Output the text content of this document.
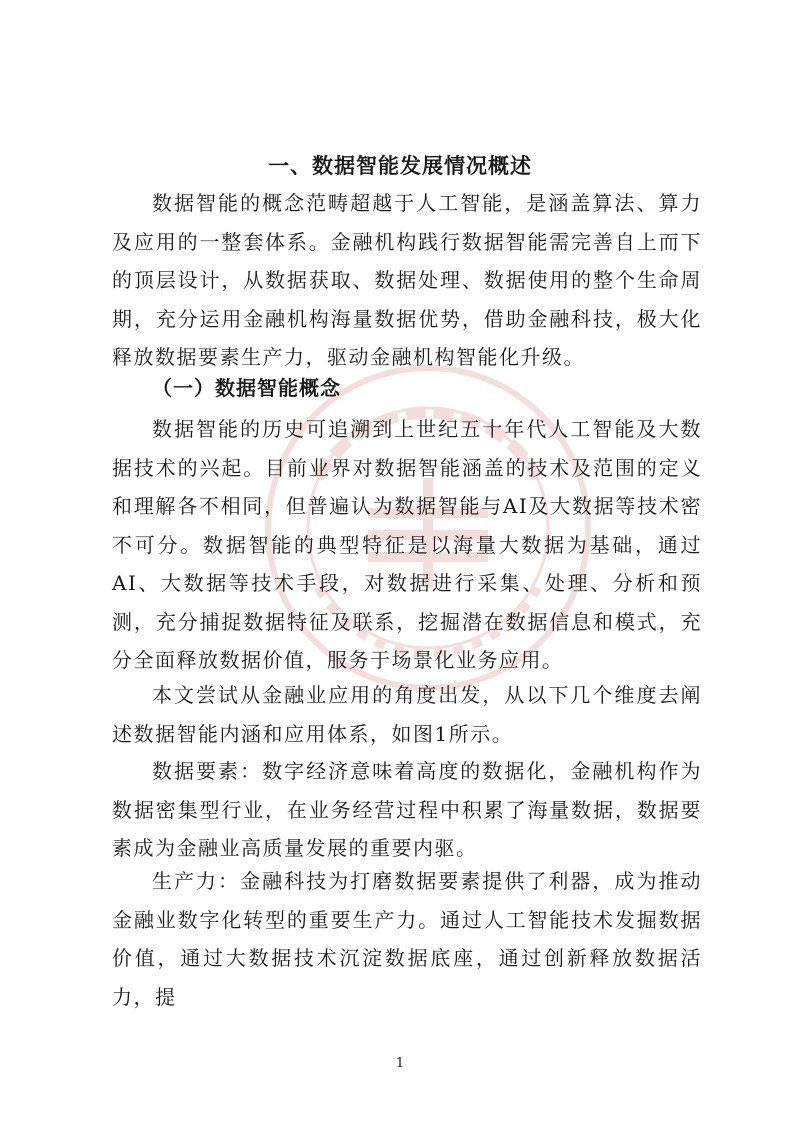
一、数据智能发展情况概述

数据智能的概念范畴超越于人工智能，是涵盖算法、算力及应用的一整套体系。金融机构践行数据智能需完善自上而下的顶层设计，从数据获取、数据处理、数据使用的整个生命周期，充分运用金融机构海量数据优势，借助金融科技，极大化释放数据要素生产力，驱动金融机构智能化升级。

（一）数据智能概念

数据智能的历史可追溯到上世纪五十年代人工智能及大数据技术的兴起。目前业界对数据智能涵盖的技术及范围的定义和理解各不相同，但普遍认为数据智能与AI及大数据等技术密不可分。数据智能的典型特征是以海量大数据为基础，通过AI、大数据等技术手段，对数据进行采集、处理、分析和预测，充分捕捉数据特征及联系，挖掘潜在数据信息和模式，充分全面释放数据价值，服务于场景化业务应用。

本文尝试从金融业应用的角度出发，从以下几个维度去阐述数据智能内涵和应用体系，如图1所示。

数据要素：数字经济意味着高度的数据化，金融机构作为数据密集型行业，在业务经营过程中积累了海量数据，数据要素成为金融业高质量发展的重要内驱。

生产力：金融科技为打磨数据要素提供了利器，成为推动金融业数字化转型的重要生产力。通过人工智能技术发掘数据价值，通过大数据技术沉淀数据底座，通过创新释放数据活力，提

1
